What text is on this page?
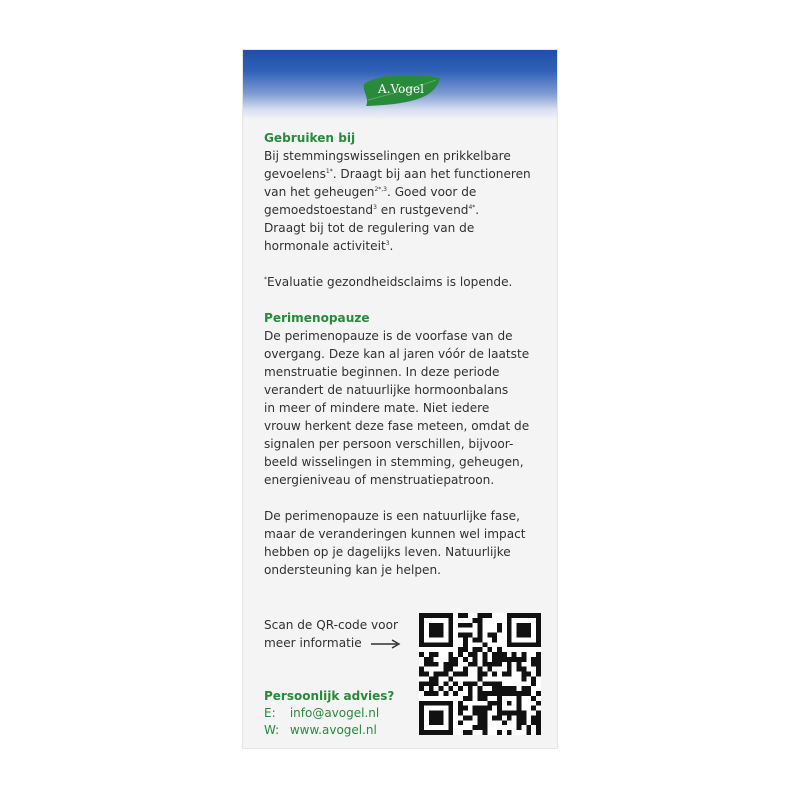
A.Vogel
Gebruiken bij
Bij stemmingswisselingen en prikkelbare
gevoelens$^{1*}$. Draagt bij aan het functioneren
van het geheugen$^{2*,3}$. Goed voor de
gemoedstoestand$^3$ en rustgevend$^{4*}$.
Draagt bij tot de regulering van de
hormonale activiteit$^3$.
*Evaluatie gezondheidsclaims is lopende.
Perimenopauze
De perimenopauze is de voorfase van de
overgang. Deze kan al jaren vóór de laatste
menstruatie beginnen. In deze periode
verandert de natuurlijke hormoonbalans
in meer of mindere mate. Niet iedere
vrouw herkent deze fase meteen, omdat de
signalen per persoon verschillen, bijvoor-
beeld wisselingen in stemming, geheugen,
energieniveau of menstruatiepatroon.
De perimenopauze is een natuurlijke fase,
maar de veranderingen kunnen wel impact
hebben op je dagelijks leven. Natuurlijke
ondersteuning kan je helpen.
Scan de QR-code voor
meer informatie
Persoonlijk advies?
E: info@avogel.nl
W: www.avogel.nl
